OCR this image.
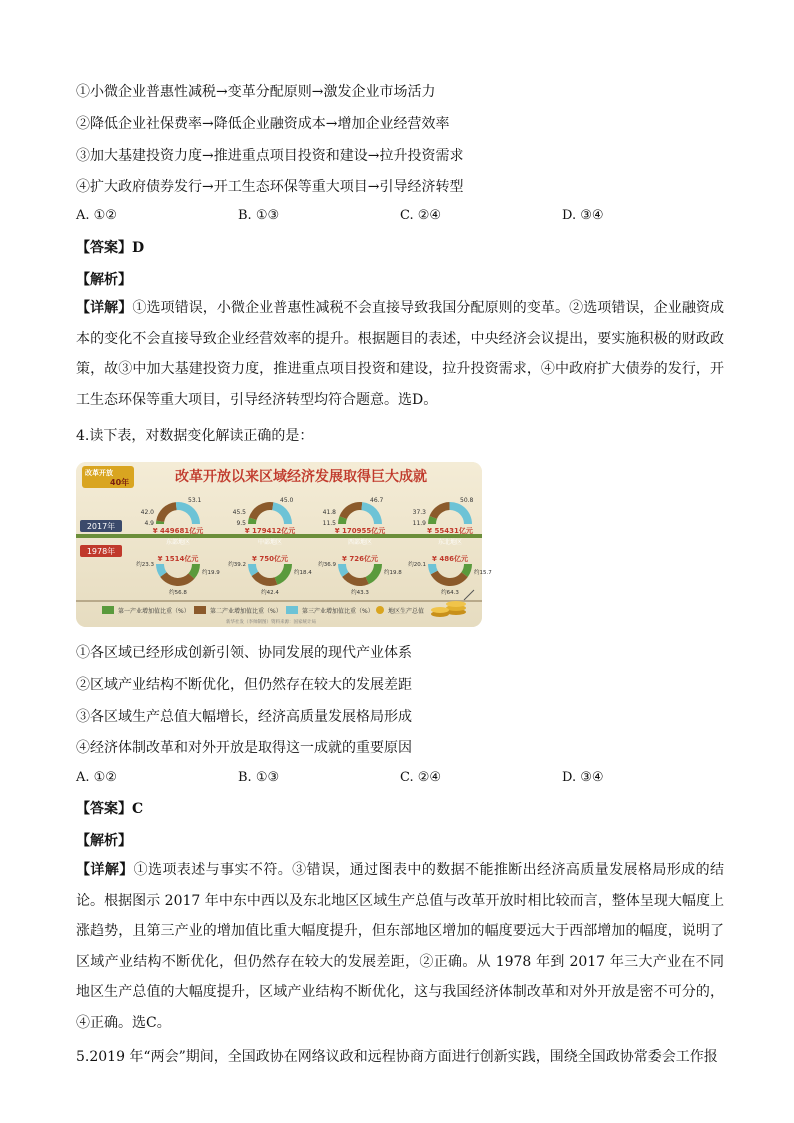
①小微企业普惠性减税→变革分配原则→激发企业市场活力
②降低企业社保费率→降低企业融资成本→增加企业经营效率
③加大基建投资力度→推进重点项目投资和建设→拉升投资需求
④扩大政府债券发行→开工生态环保等重大项目→引导经济转型
A. ①②	B. ①③	C. ②④	D. ③④
【答案】D
【解析】
【详解】①选项错误，小微企业普惠性减税不会直接导致我国分配原则的变革。②选项错误，企业融资成本的变化不会直接导致企业经营效率的提升。根据题目的表述，中央经济会议提出，要实施积极的财政政策，故③中加大基建投资力度，推进重点项目投资和建设，拉升投资需求，④中政府扩大债券的发行，开工生态环保等重大项目，引导经济转型均符合题意。选D。
4.读下表，对数据变化解读正确的是：
改革开放
40年	改革开放以来区域经济发展取得巨大成就
2017年
1978年
42.0
4.9
53.1
¥ 449681亿元
东部地区
45.5
9.5
45.0
¥ 179412亿元
中部地区
41.8
11.5
46.7
¥ 170955亿元
西部地区
37.3
11.9
50.8
¥ 55431亿元
东北地区
约23.3
约56.8
约19.9
¥ 1514亿元
约39.2
约42.4
约18.4
¥ 750亿元
约36.9
约43.3
约19.8
¥ 726亿元
约20.1
约64.3
约15.7
¥ 486亿元
第一产业增加值比重（%）	第二产业增加值比重（%）	第三产业增加值比重（%） 地区生产总值
新华社发（李帅制图）资料来源：国家统计局
①各区域已经形成创新引领、协同发展的现代产业体系
②区域产业结构不断优化，但仍然存在较大的发展差距
③各区域生产总值大幅增长，经济高质量发展格局形成
④经济体制改革和对外开放是取得这一成就的重要原因
A. ①②	B. ①③	C. ②④	D. ③④
【答案】C
【解析】
【详解】①选项表述与事实不符。③错误，通过图表中的数据不能推断出经济高质量发展格局形成的结论。根据图示 2017 年中东中西以及东北地区区域生产总值与改革开放时相比较而言，整体呈现大幅度上涨趋势，且第三产业的增加值比重大幅度提升，但东部地区增加的幅度要远大于西部增加的幅度，说明了区域产业结构不断优化，但仍然存在较大的发展差距，②正确。从 1978 年到 2017 年三大产业在不同地区生产总值的大幅度提升，区域产业结构不断优化，这与我国经济体制改革和对外开放是密不可分的，④正确。选C。
5.2019 年“两会”期间，全国政协在网络议政和远程协商方面进行创新实践，围绕全国政协常委会工作报
